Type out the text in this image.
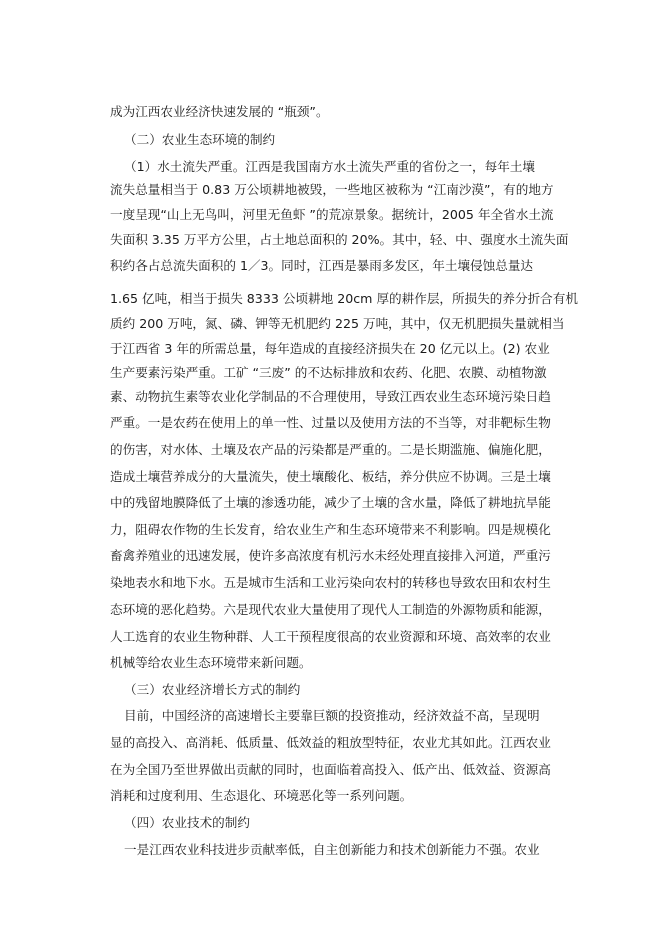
成为江西农业经济快速发展的 “瓶颈”。
（二）农业生态环境的制约
（1）水土流失严重。江西是我国南方水土流失严重的省份之一，每年土壤
流失总量相当于 0.83 万公顷耕地被毁，一些地区被称为 “江南沙漠”，有的地方
一度呈现“山上无鸟叫，河里无鱼虾 ”的荒凉景象。据统计，2005 年全省水土流
失面积 3.35 万平方公里，占土地总面积的 20%。其中，轻、中、强度水土流失面
积约各占总流失面积的 1／3。同时，江西是暴雨多发区，年土壤侵蚀总量达
1.65 亿吨，相当于损失 8333 公顷耕地 20cm 厚的耕作层，所损失的养分折合有机
质约 200 万吨，氮、磷、钾等无机肥约 225 万吨，其中，仅无机肥损失量就相当
于江西省 3 年的所需总量，每年造成的直接经济损失在 20 亿元以上。(2) 农业
生产要素污染严重。工矿 “三废” 的不达标排放和农药、化肥、农膜、动植物激
素、动物抗生素等农业化学制品的不合理使用，导致江西农业生态环境污染日趋
严重。一是农药在使用上的单一性、过量以及使用方法的不当等，对非靶标生物
的伤害，对水体、土壤及农产品的污染都是严重的。二是长期滥施、偏施化肥，
造成土壤营养成分的大量流失，使土壤酸化、板结，养分供应不协调。三是土壤
中的残留地膜降低了土壤的渗透功能，减少了土壤的含水量，降低了耕地抗旱能
力，阻碍农作物的生长发育，给农业生产和生态环境带来不利影响。四是规模化
畜禽养殖业的迅速发展，使许多高浓度有机污水未经处理直接排入河道，严重污
染地表水和地下水。五是城市生活和工业污染向农村的转移也导致农田和农村生
态环境的恶化趋势。六是现代农业大量使用了现代人工制造的外源物质和能源，
人工选育的农业生物种群、人工干预程度很高的农业资源和环境、高效率的农业
机械等给农业生态环境带来新问题。
（三）农业经济增长方式的制约
目前，中国经济的高速增长主要靠巨额的投资推动，经济效益不高，呈现明
显的高投入、高消耗、低质量、低效益的粗放型特征，农业尤其如此。江西农业
在为全国乃至世界做出贡献的同时，也面临着高投入、低产出、低效益、资源高
消耗和过度利用、生态退化、环境恶化等一系列问题。
（四）农业技术的制约
一是江西农业科技进步贡献率低，自主创新能力和技术创新能力不强。农业
